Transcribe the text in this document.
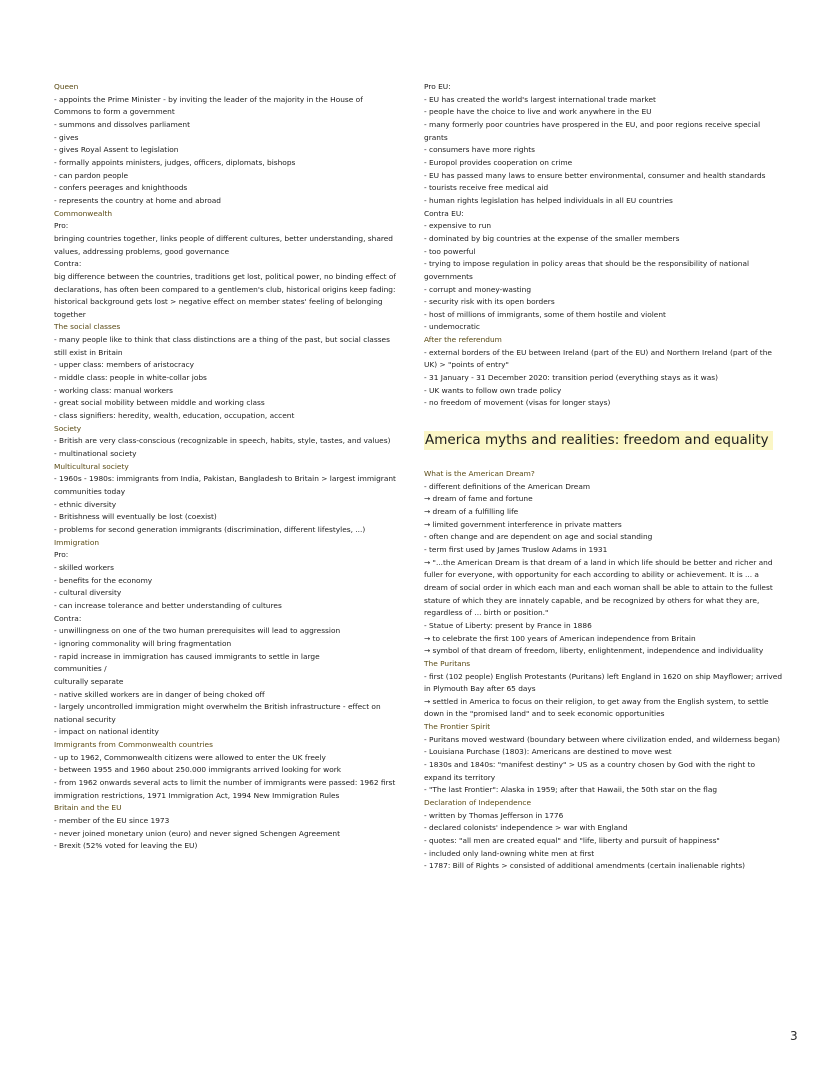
Queen
- appoints the Prime Minister - by inviting the leader of the majority in the House of Commons to form a government
- summons and dissolves parliament
- gives
- gives Royal Assent to legislation
- formally appoints ministers, judges, officers, diplomats, bishops
- can pardon people
- confers peerages and knighthoods
- represents the country at home and abroad
Commonwealth
Pro:
bringing countries together, links people of different cultures, better understanding, shared values, addressing problems, good governance
Contra:
big difference between the countries, traditions get lost, political power, no binding effect of declarations, has often been compared to a gentlemen's club, historical origins keep fading: historical background gets lost > negative effect on member states' feeling of belonging together
The social classes
- many people like to think that class distinctions are a thing of the past, but social classes still exist in Britain
- upper class: members of aristocracy
- middle class: people in white-collar jobs
- working class: manual workers
- great social mobility between middle and working class
- class signifiers: heredity, wealth, education, occupation, accent
Society
- British are very class-conscious (recognizable in speech, habits, style, tastes, and values)
- multinational society
Multicultural society
- 1960s - 1980s: immigrants from India, Pakistan, Bangladesh to Britain > largest immigrant communities today
- ethnic diversity
- Britishness will eventually be lost (coexist)
- problems for second generation immigrants (discrimination, different lifestyles, ...)
Immigration
Pro:
- skilled workers
- benefits for the economy
- cultural diversity
- can increase tolerance and better understanding of cultures
Contra:
- unwillingness on one of the two human prerequisites will lead to aggression
- ignoring commonality will bring fragmentation
- rapid increase in immigration has caused immigrants to settle in large
communities /
culturally separate
- native skilled workers are in danger of being choked off
- largely uncontrolled immigration might overwhelm the British infrastructure - effect on national security
- impact on national identity
Immigrants from Commonwealth countries
- up to 1962, Commonwealth citizens were allowed to enter the UK freely
- between 1955 and 1960 about 250.000 immigrants arrived looking for work
- from 1962 onwards several acts to limit the number of immigrants were passed: 1962 first
immigration restrictions, 1971 Immigration Act, 1994 New Immigration Rules
Britain and the EU
- member of the EU since 1973
- never joined monetary union (euro) and never signed Schengen Agreement
- Brexit (52% voted for leaving the EU)
Pro EU:
- EU has created the world's largest international trade market
- people have the choice to live and work anywhere in the EU
- many formerly poor countries have prospered in the EU, and poor regions receive special grants
- consumers have more rights
- Europol provides cooperation on crime
- EU has passed many laws to ensure better environmental, consumer and health standards
- tourists receive free medical aid
- human rights legislation has helped individuals in all EU countries
Contra EU:
- expensive to run
- dominated by big countries at the expense of the smaller members
- too powerful
- trying to impose regulation in policy areas that should be the responsibility of national governments
- corrupt and money-wasting
- security risk with its open borders
- host of millions of immigrants, some of them hostile and violent
- undemocratic
After the referendum
- external borders of the EU between Ireland (part of the EU) and Northern Ireland (part of the UK) > "points of entry"
- 31 January - 31 December 2020: transition period (everything stays as it was)
- UK wants to follow own trade policy
- no freedom of movement (visas for longer stays)
America myths and realities: freedom and equality
What is the American Dream?
- different definitions of the American Dream
→ dream of fame and fortune
→ dream of a fulfilling life
→ limited government interference in private matters
- often change and are dependent on age and social standing
- term first used by James Truslow Adams in 1931
→ "...the American Dream is that dream of a land in which life should be better and richer and fuller for everyone, with opportunity for each according to ability or achievement. It is ... a dream of social order in which each man and each woman shall be able to attain to the fullest stature of which they are innately capable, and be recognized by others for what they are, regardless of ... birth or position."
- Statue of Liberty: present by France in 1886
→ to celebrate the first 100 years of American independence from Britain
→ symbol of that dream of freedom, liberty, enlightenment, independence and individuality
The Puritans
- first (102 people) English Protestants (Puritans) left England in 1620 on ship Mayflower; arrived in Plymouth Bay after 65 days
→ settled in America to focus on their religion, to get away from the English system, to settle down in the "promised land" and to seek economic opportunities
The Frontier Spirit
- Puritans moved westward (boundary between where civilization ended, and wilderness began)
- Louisiana Purchase (1803): Americans are destined to move west
- 1830s and 1840s: "manifest destiny" > US as a country chosen by God with the right to expand its territory
- "The last Frontier": Alaska in 1959; after that Hawaii, the 50th star on the flag
Declaration of Independence
- written by Thomas Jefferson in 1776
- declared colonists' independence > war with England
- quotes: "all men are created equal" and "life, liberty and pursuit of happiness"
- included only land-owning white men at first
- 1787: Bill of Rights > consisted of additional amendments (certain inalienable rights)
3
